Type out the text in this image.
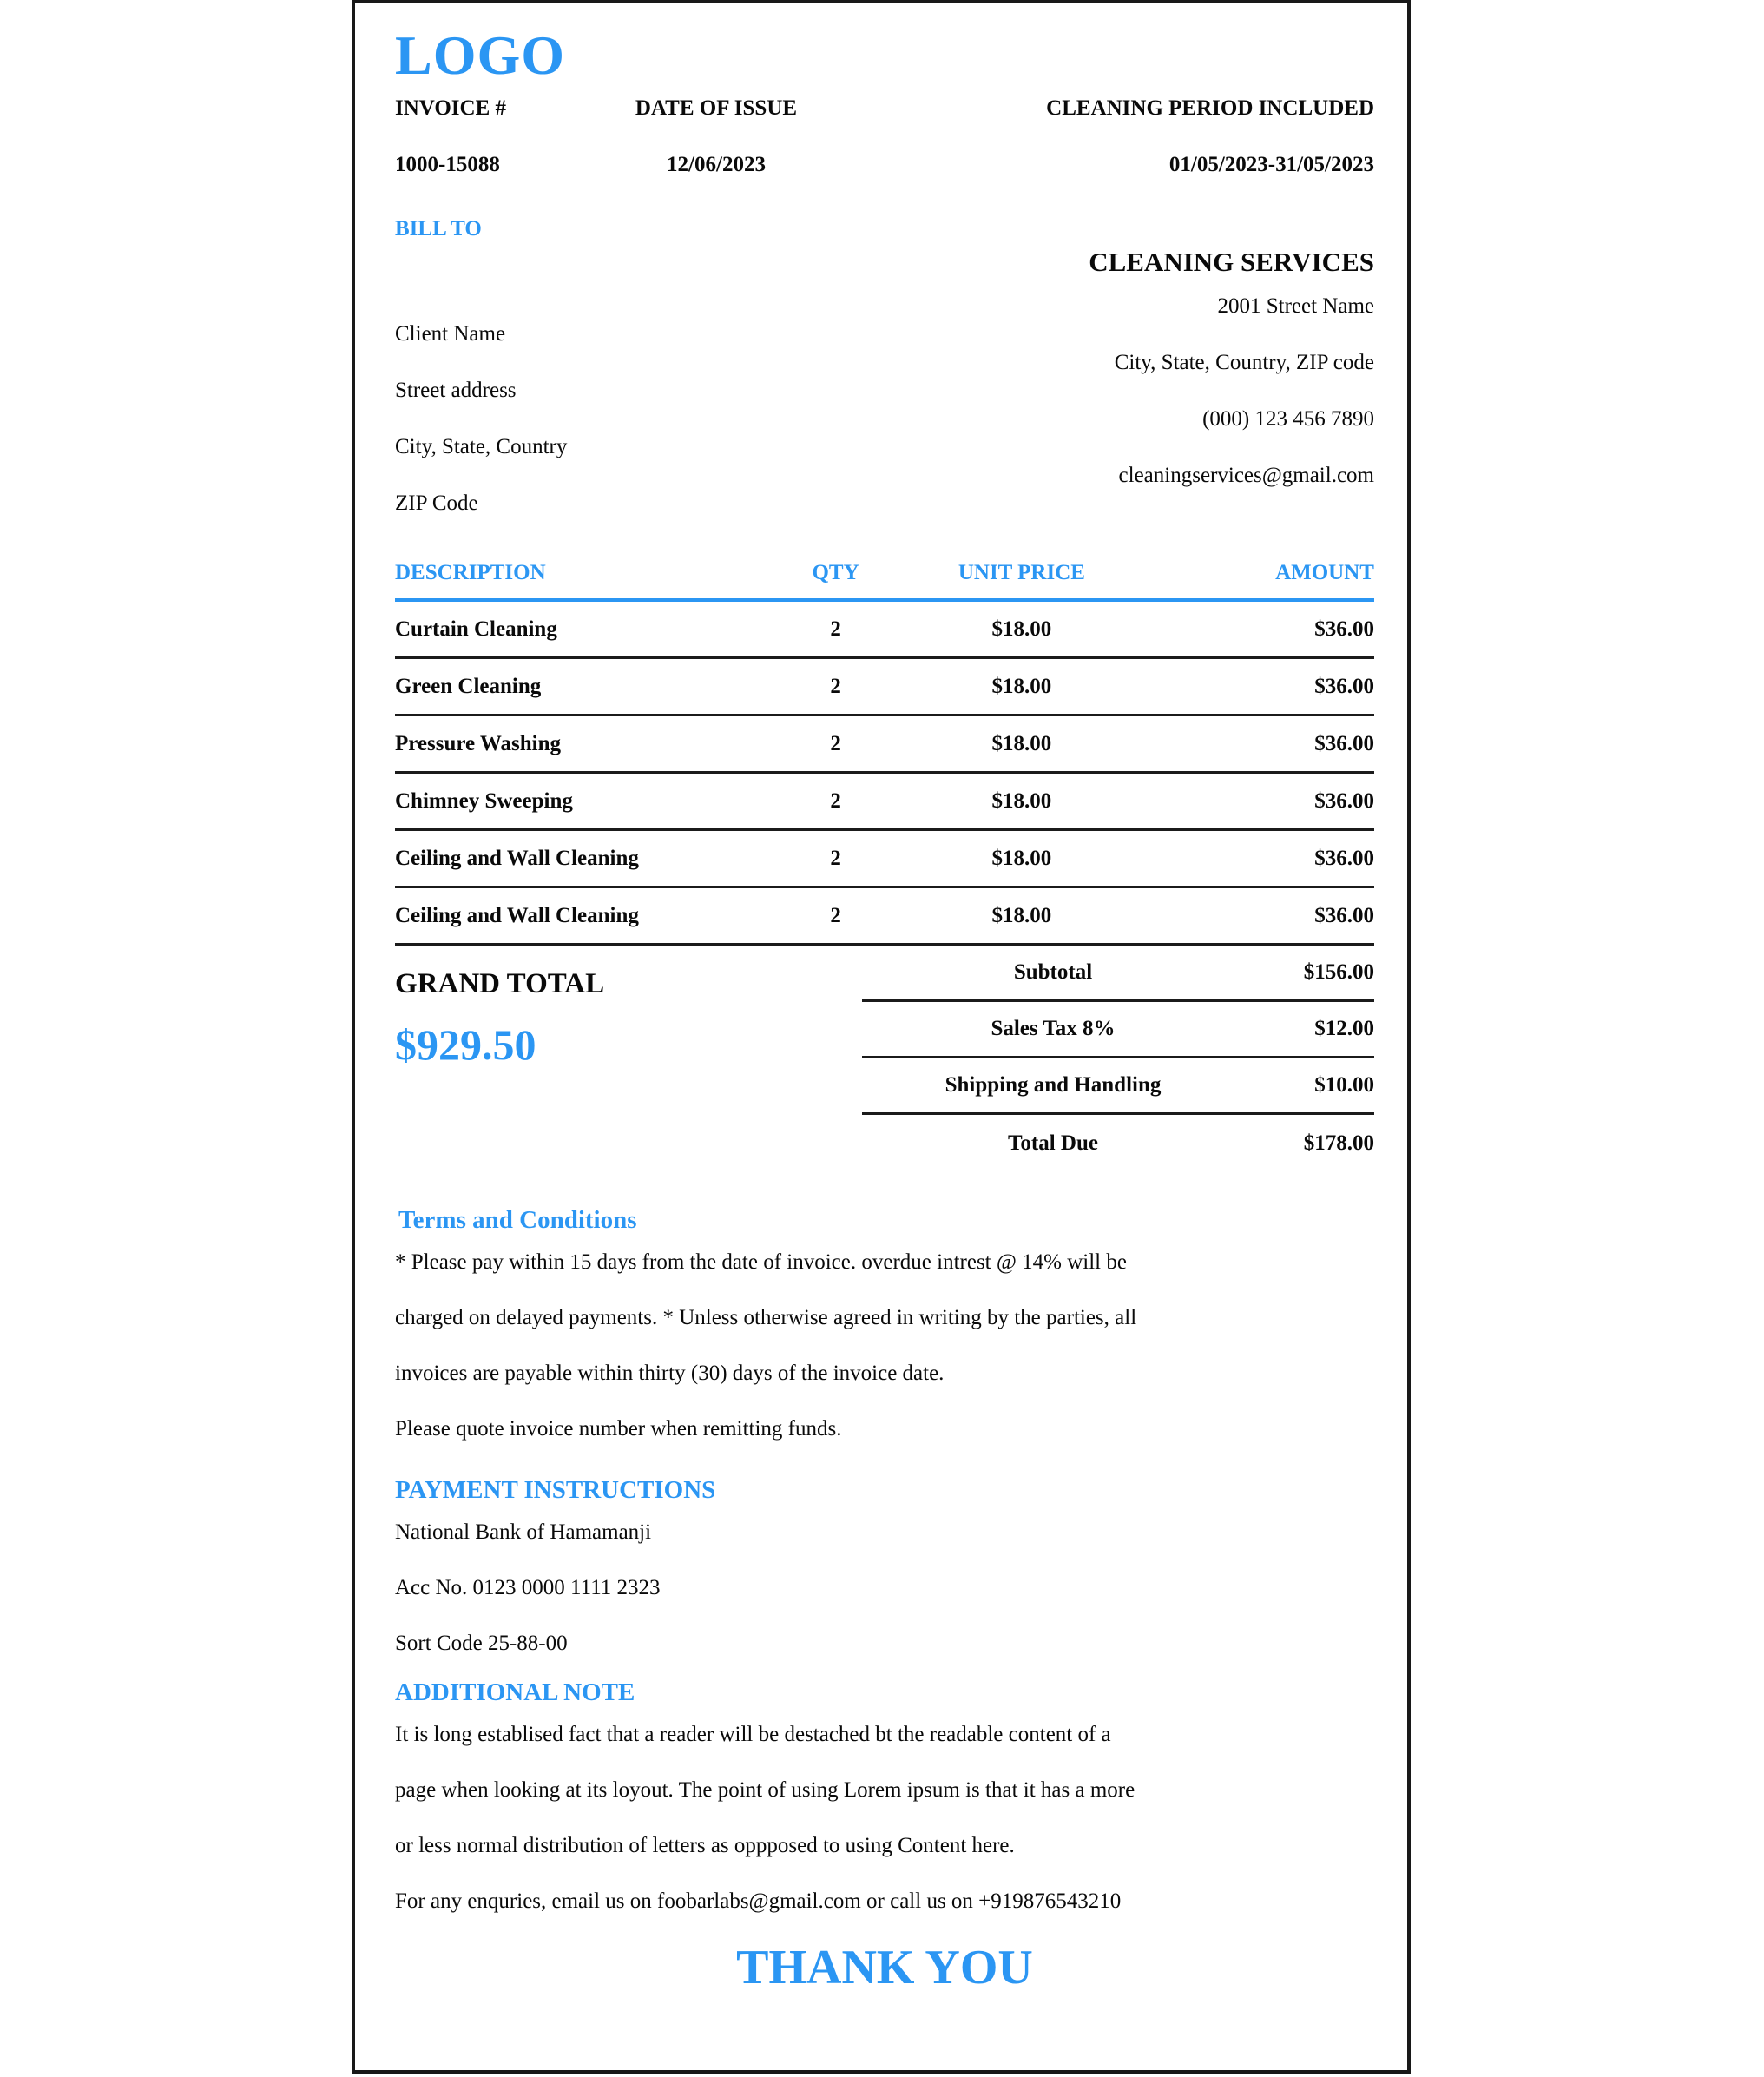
LOGO
INVOICE #
1000-15088
DATE OF ISSUE
12/06/2023
CLEANING PERIOD INCLUDED
01/05/2023-31/05/2023
BILL TO
Client Name
Street address
City, State, Country
ZIP Code
CLEANING SERVICES
2001 Street Name
City, State, Country, ZIP code
(000) 123 456 7890
cleaningservices@gmail.com
DESCRIPTION	QTY	UNIT PRICE	AMOUNT
Curtain Cleaning	2	$18.00	$36.00
Green Cleaning	2	$18.00	$36.00
Pressure Washing	2	$18.00	$36.00
Chimney Sweeping	2	$18.00	$36.00
Ceiling and Wall Cleaning	2	$18.00	$36.00
Ceiling and Wall Cleaning	2	$18.00	$36.00
GRAND TOTAL
$929.50
Subtotal	$156.00
Sales Tax 8%	$12.00
Shipping and Handling	$10.00
Total Due	$178.00
Terms and Conditions
* Please pay within 15 days from the date of invoice. overdue intrest @ 14% will be
charged on delayed payments. * Unless otherwise agreed in writing by the parties, all
invoices are payable within thirty (30) days of the invoice date.
Please quote invoice number when remitting funds.
PAYMENT INSTRUCTIONS
National Bank of Hamamanji
Acc No. 0123 0000 1111 2323
Sort Code 25-88-00
ADDITIONAL NOTE
It is long establised fact that a reader will be destached bt the readable content of a
page when looking at its loyout. The point of using Lorem ipsum is that it has a more
or less normal distribution of letters as oppposed to using Content here.
For any enquries, email us on foobarlabs@gmail.com or call us on +919876543210
THANK YOU
